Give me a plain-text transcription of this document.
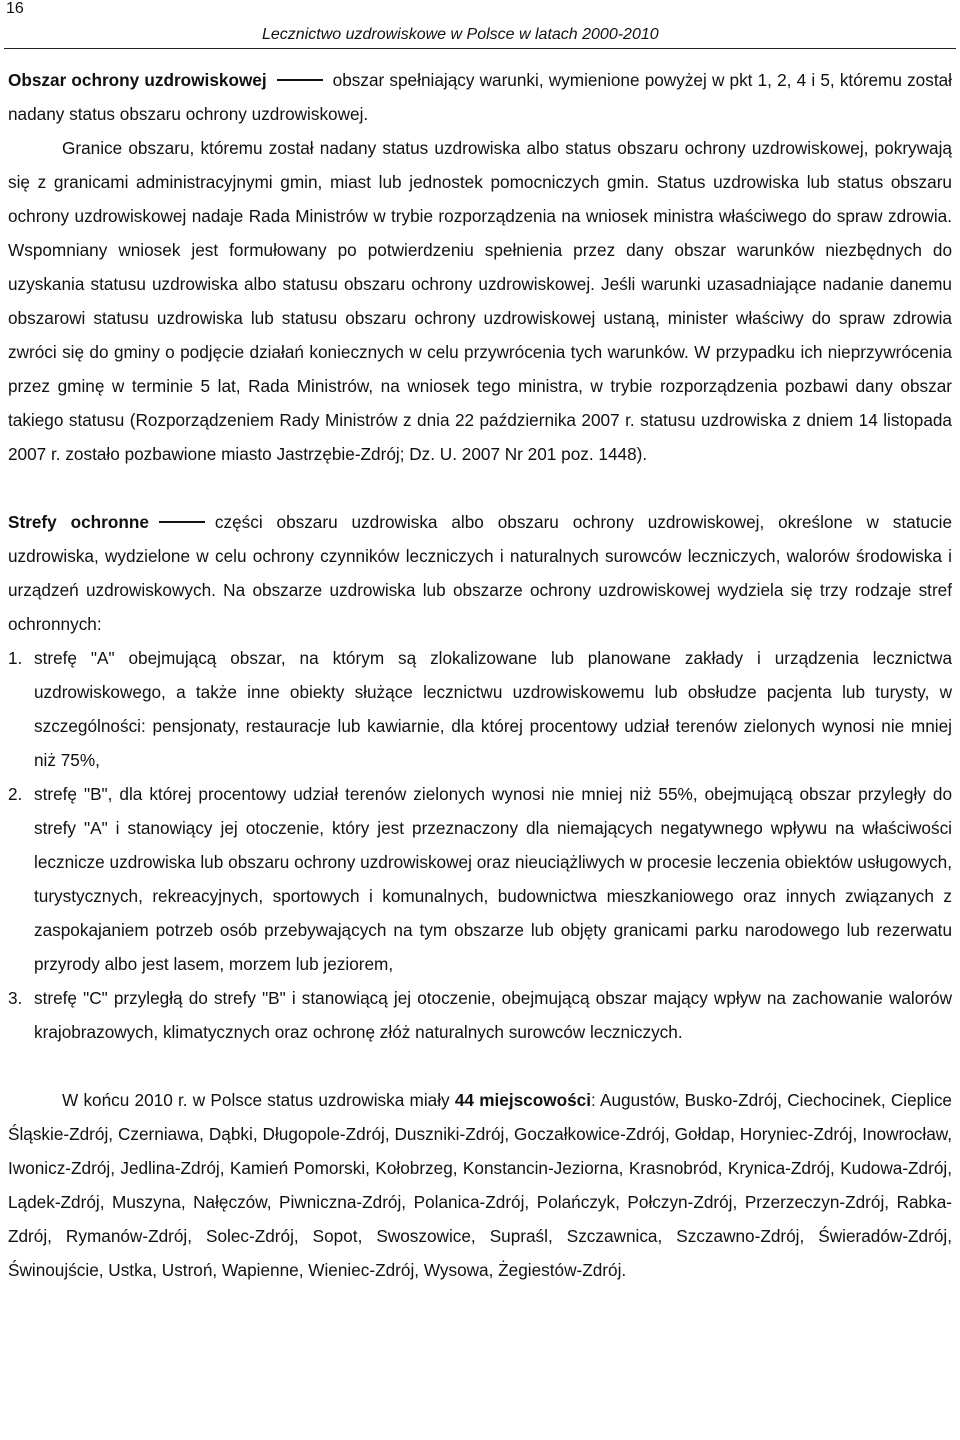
16
Lecznictwo uzdrowiskowe w Polsce w latach 2000-2010

Obszar ochrony uzdrowiskowej	obszar spełniający warunki, wymienione powyżej w pkt 1, 2, 4 i 5, któremu został nadany status obszaru ochrony uzdrowiskowej.

Granice obszaru, któremu został nadany status uzdrowiska albo status obszaru ochrony uzdrowiskowej, pokrywają się z granicami administracyjnymi gmin, miast lub jednostek pomocniczych gmin. Status uzdrowiska lub status obszaru ochrony uzdrowiskowej nadaje Rada Ministrów w trybie rozporządzenia na wniosek ministra właściwego do spraw zdrowia. Wspomniany wniosek jest formułowany po potwierdzeniu spełnienia przez dany obszar warunków niezbędnych do uzyskania statusu uzdrowiska albo statusu obszaru ochrony uzdrowiskowej. Jeśli warunki uzasadniające nadanie danemu obszarowi statusu uzdrowiska lub statusu obszaru ochrony uzdrowiskowej ustaną, minister właściwy do spraw zdrowia zwróci się do gminy o podjęcie działań koniecznych w celu przywrócenia tych warunków. W przypadku ich nieprzywrócenia przez gminę w terminie 5 lat, Rada Ministrów, na wniosek tego ministra, w trybie rozporządzenia pozbawi dany obszar takiego statusu (Rozporządzeniem Rady Ministrów z dnia 22 października 2007 r. statusu uzdrowiska z dniem 14 listopada 2007 r. zostało pozbawione miasto Jastrzębie-Zdrój; Dz. U. 2007 Nr 201 poz. 1448).

Strefy ochronne	części obszaru uzdrowiska albo obszaru ochrony uzdrowiskowej, określone w statucie uzdrowiska, wydzielone w celu ochrony czynników leczniczych i naturalnych surowców leczniczych, walorów środowiska i urządzeń uzdrowiskowych. Na obszarze uzdrowiska lub obszarze ochrony uzdrowiskowej wydziela się trzy rodzaje stref ochronnych:

1. strefę "A" obejmującą obszar, na którym są zlokalizowane lub planowane zakłady i urządzenia lecznictwa uzdrowiskowego, a także inne obiekty służące lecznictwu uzdrowiskowemu lub obsłudze pacjenta lub turysty, w szczególności: pensjonaty, restauracje lub kawiarnie, dla której procentowy udział terenów zielonych wynosi nie mniej niż 75%,
2. strefę "B", dla której procentowy udział terenów zielonych wynosi nie mniej niż 55%, obejmującą obszar przyległy do strefy "A" i stanowiący jej otoczenie, który jest przeznaczony dla niemających negatywnego wpływu na właściwości lecznicze uzdrowiska lub obszaru ochrony uzdrowiskowej oraz nieuciążliwych w procesie leczenia obiektów usługowych, turystycznych, rekreacyjnych, sportowych i komunalnych, budownictwa mieszkaniowego oraz innych związanych z zaspokajaniem potrzeb osób przebywających na tym obszarze lub objęty granicami parku narodowego lub rezerwatu przyrody albo jest lasem, morzem lub jeziorem,
3. strefę "C" przyległą do strefy "B" i stanowiącą jej otoczenie, obejmującą obszar mający wpływ na zachowanie walorów krajobrazowych, klimatycznych oraz ochronę złóż naturalnych surowców leczniczych.

W końcu 2010 r. w Polsce status uzdrowiska miały 44 miejscowości: Augustów, Busko-Zdrój, Ciechocinek, Cieplice Śląskie-Zdrój, Czerniawa, Dąbki, Długopole-Zdrój, Duszniki-Zdrój, Goczałkowice-Zdrój, Gołdap, Horyniec-Zdrój, Inowrocław, Iwonicz-Zdrój, Jedlina-Zdrój, Kamień Pomorski, Kołobrzeg, Konstancin-Jeziorna, Krasnobród, Krynica-Zdrój, Kudowa-Zdrój, Lądek-Zdrój, Muszyna, Nałęczów, Piwniczna-Zdrój, Polanica-Zdrój, Polańczyk, Połczyn-Zdrój, Przerzeczyn-Zdrój, Rabka-Zdrój, Rymanów-Zdrój, Solec-Zdrój, Sopot, Swoszowice, Supraśl, Szczawnica, Szczawno-Zdrój, Świeradów-Zdrój, Świnoujście, Ustka, Ustroń, Wapienne, Wieniec-Zdrój, Wysowa, Żegiestów-Zdrój.
